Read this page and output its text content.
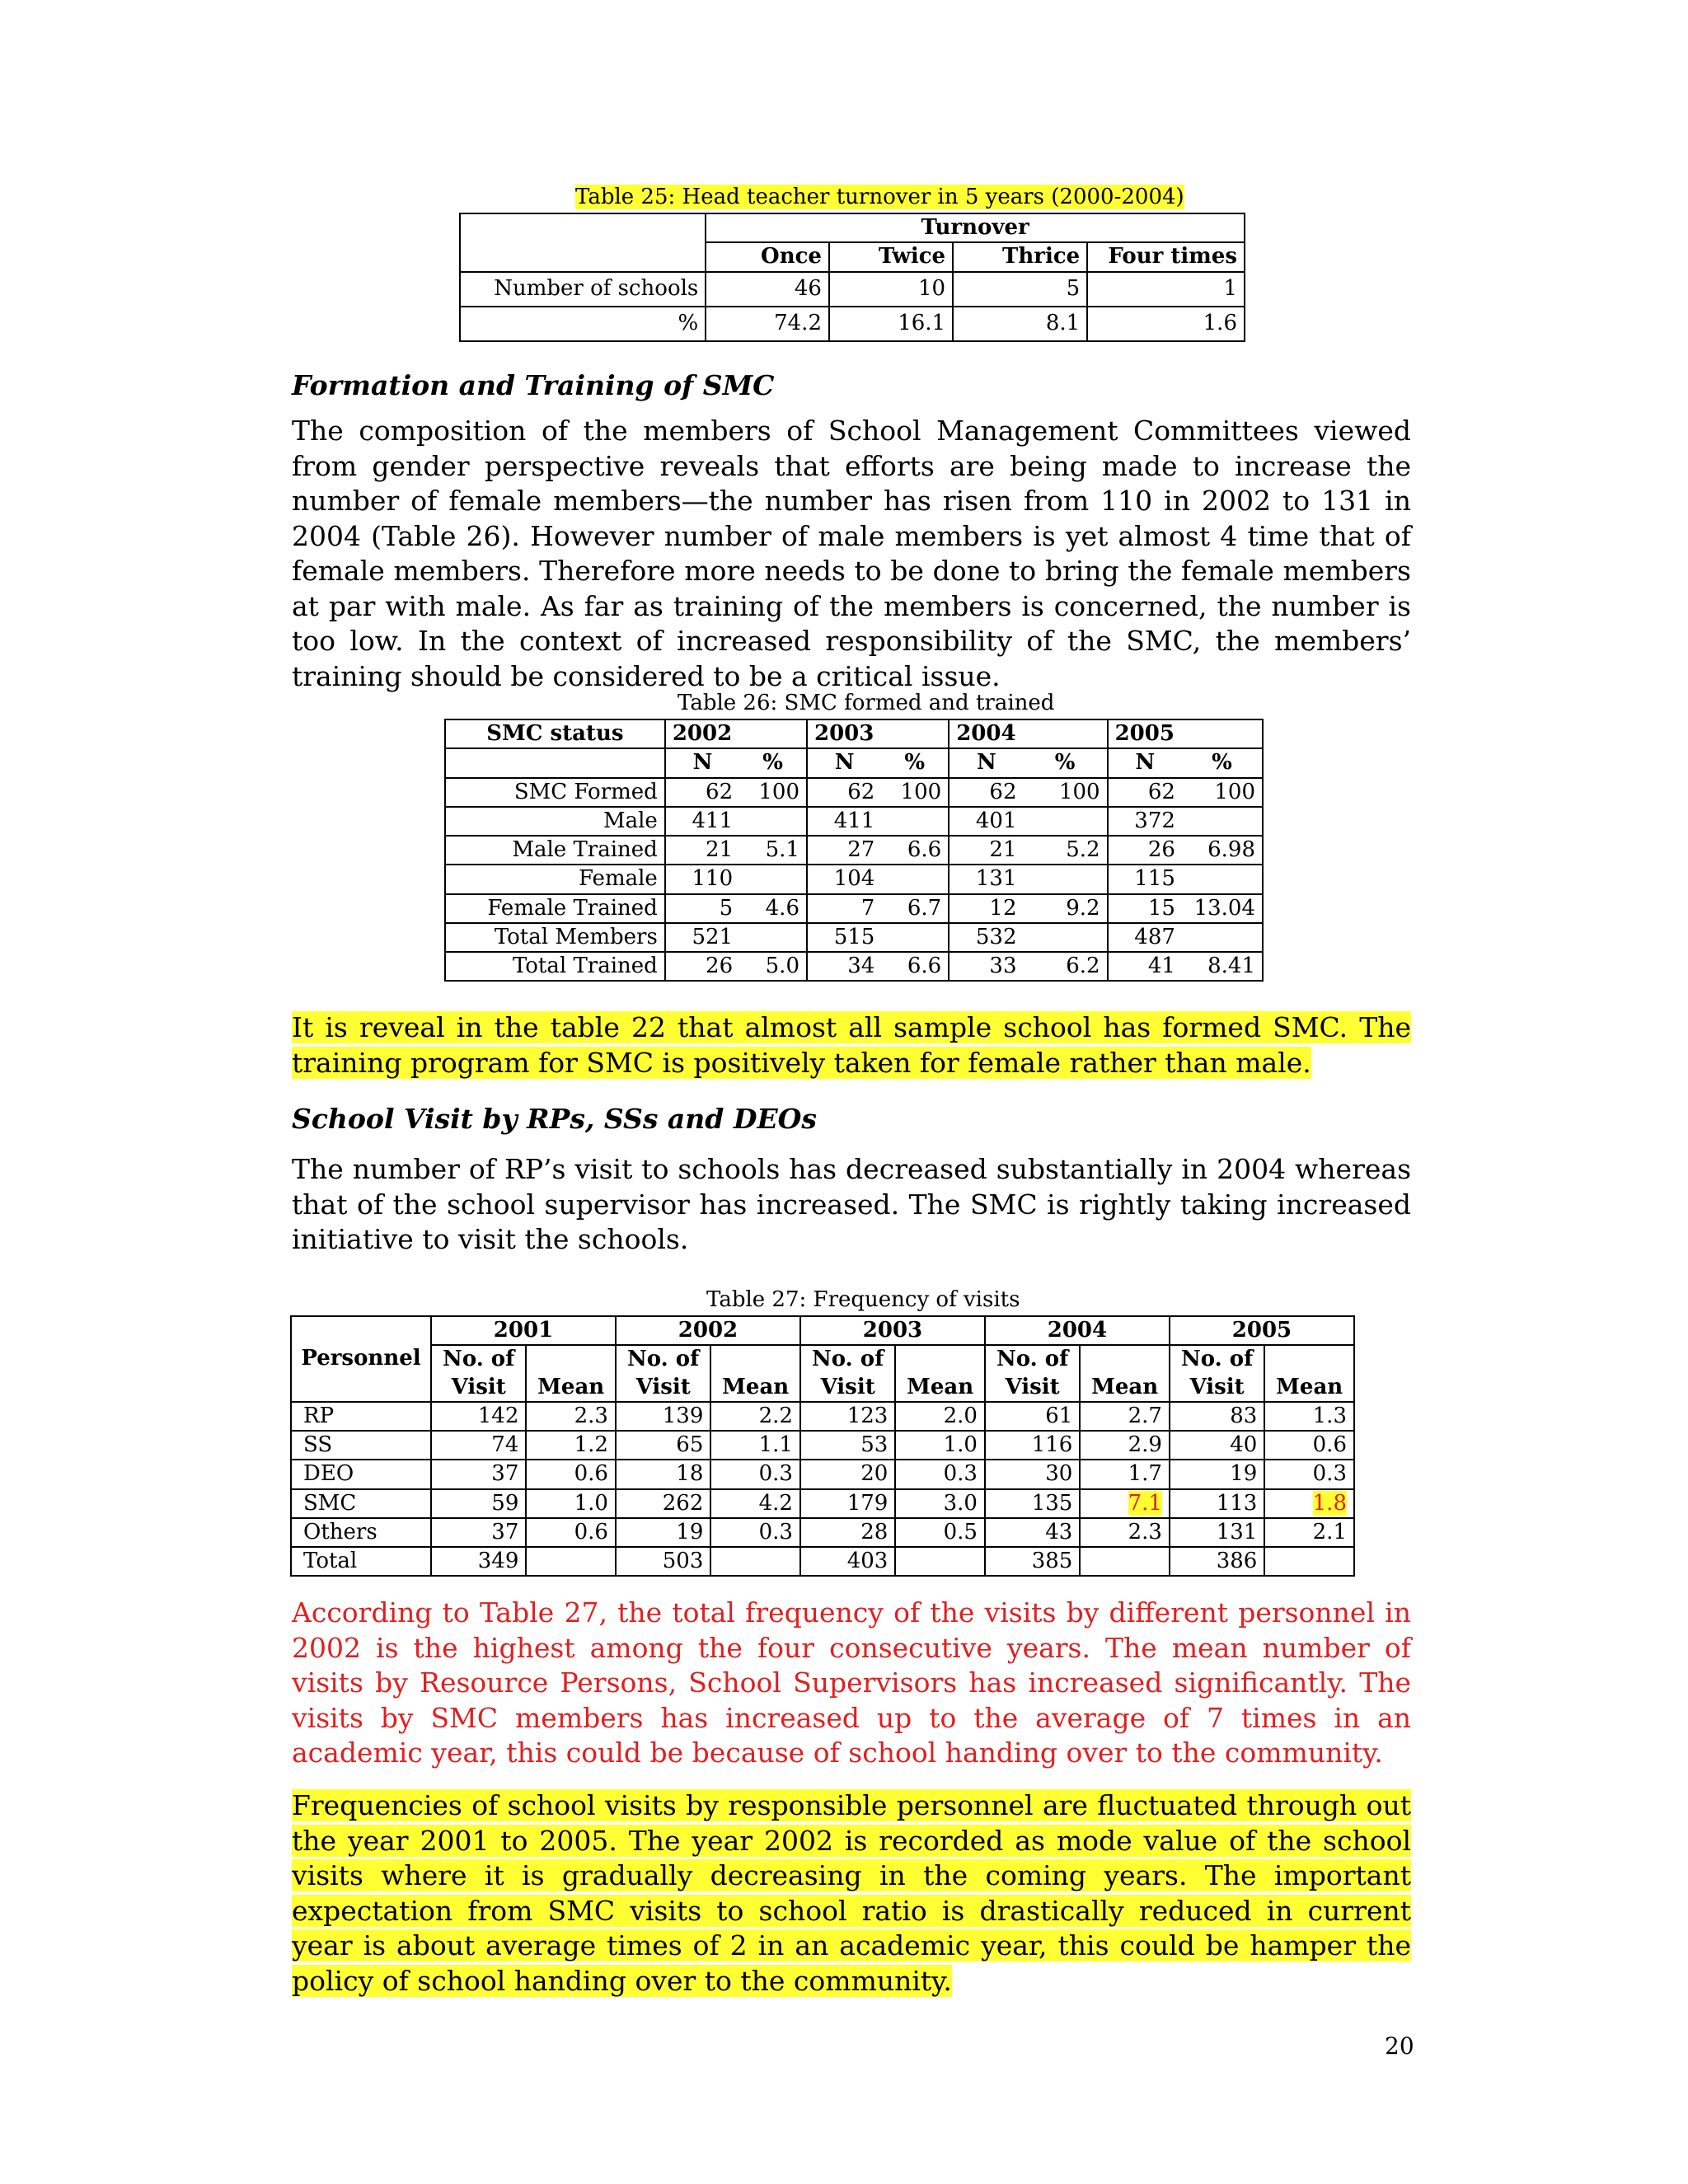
Table 25: Head teacher turnover in 5 years (2000-2004)
	Turnover			
	Once	Twice	Thrice	Four times
Number of schools	46	10	5	1
%	74.2	16.1	8.1	1.6
Formation and Training of SMC
The composition of the members of School Management Committees viewed from gender perspective reveals that efforts are being made to increase the number of female members—the number has risen from 110 in 2002 to 131 in 2004 (Table 26). However number of male members is yet almost 4 time that of female members. Therefore more needs to be done to bring the female members at par with male. As far as training of the members is concerned, the number is too low. In the context of increased responsibility of the SMC, the members’ training should be considered to be a critical issue.
Table 26: SMC formed and trained
SMC status	2002		2003		2004		2005	
	N	%	N	%	N	%	N	%
SMC Formed	62	100	62	100	62	100	62	100
Male	411		411		401		372	
Male Trained	21	5.1	27	6.6	21	5.2	26	6.98
Female	110		104		131		115	
Female Trained	5	4.6	7	6.7	12	9.2	15	13.04
Total Members	521		515		532		487	
Total Trained	26	5.0	34	6.6	33	6.2	41	8.41
It is reveal in the table 22 that almost all sample school has formed SMC. The training program for SMC is positively taken for female rather than male.
School Visit by RPs, SSs and DEOs
The number of RP’s visit to schools has decreased substantially in 2004 whereas that of the school supervisor has increased. The SMC is rightly taking increased initiative to visit the schools.
Table 27: Frequency of visits
Personnel	2001		2002		2003		2004		2005	
	No. of		No. of		No. of		No. of		No. of	
	Visit	Mean	Visit	Mean	Visit	Mean	Visit	Mean	Visit	Mean
RP	142	2.3	139	2.2	123	2.0	61	2.7	83	1.3
SS	74	1.2	65	1.1	53	1.0	116	2.9	40	0.6
DEO	37	0.6	18	0.3	20	0.3	30	1.7	19	0.3
SMC	59	1.0	262	4.2	179	3.0	135	7.1	113	1.8
Others	37	0.6	19	0.3	28	0.5	43	2.3	131	2.1
Total	349		503		403		385		386	
According to Table 27, the total frequency of the visits by different personnel in 2002 is the highest among the four consecutive years. The mean number of visits by Resource Persons, School Supervisors has increased significantly. The visits by SMC members has increased up to the average of 7 times in an academic year, this could be because of school handing over to the community.
Frequencies of school visits by responsible personnel are fluctuated through out the year 2001 to 2005. The year 2002 is recorded as mode value of the school visits where it is gradually decreasing in the coming years. The important expectation from SMC visits to school ratio is drastically reduced in current year is about average times of 2 in an academic year, this could be hamper the policy of school handing over to the community.
20
